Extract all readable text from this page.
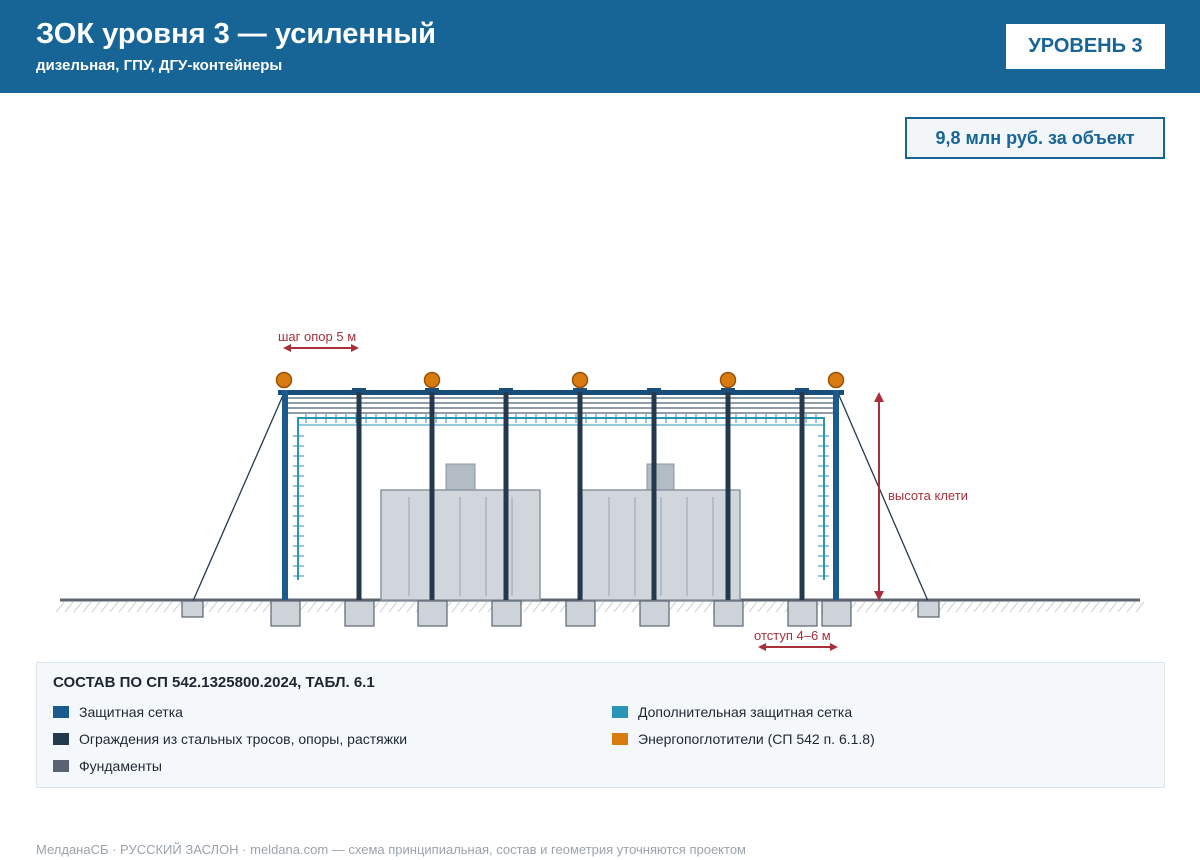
ЗОК уровня 3 — усиленный
дизельная, ГПУ, ДГУ-контейнеры
УРОВЕНЬ 3
9,8 млн руб. за объект
шаг опор 5 м
высота клети
отступ 4–6 м
СОСТАВ ПО СП 542.1325800.2024, ТАБЛ. 6.1
Защитная сетка
Ограждения из стальных тросов, опоры, растяжки
Фундаменты
Дополнительная защитная сетка
Энергопоглотители (СП 542 п. 6.1.8)
МелданаСБ · РУССКИЙ ЗАСЛОН · meldana.com — схема принципиальная, состав и геометрия уточняются проектом
